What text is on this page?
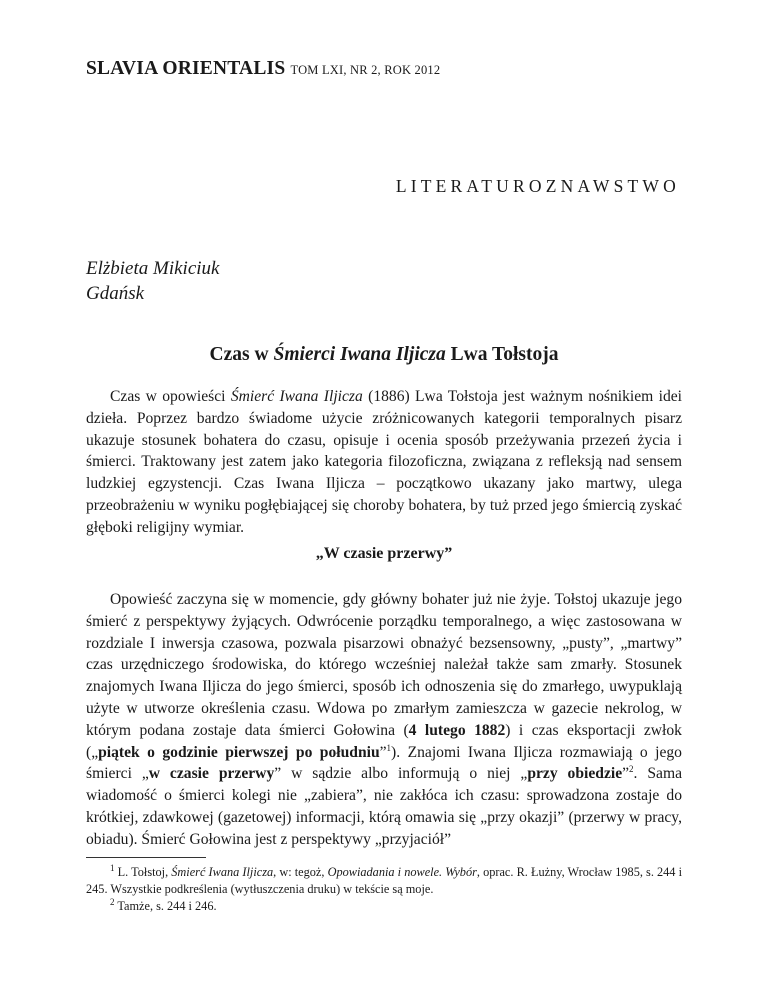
SLAVIA ORIENTALIS TOM LXI, NR 2, ROK 2012
LITERATUROZNAWSTWO
Elżbieta Mikiciuk
Gdańsk
Czas w Śmierci Iwana Iljicza Lwa Tołstoja
Czas w opowieści Śmierć Iwana Iljicza (1886) Lwa Tołstoja jest ważnym nośnikiem idei dzieła. Poprzez bardzo świadome użycie zróżnicowanych kategorii temporalnych pisarz ukazuje stosunek bohatera do czasu, opisuje i ocenia sposób przeżywania przezeń życia i śmierci. Traktowany jest zatem jako kategoria filozoficzna, związana z refleksją nad sensem ludzkiej egzystencji. Czas Iwana Iljicza – początkowo ukazany jako martwy, ulega przeobrażeniu w wyniku pogłębiającej się choroby bohatera, by tuż przed jego śmiercią zyskać głęboki religijny wymiar.
„W czasie przerwy”
Opowieść zaczyna się w momencie, gdy główny bohater już nie żyje. Tołstoj ukazuje jego śmierć z perspektywy żyjących. Odwrócenie porządku temporalnego, a więc zastosowana w rozdziale I inwersja czasowa, pozwala pisarzowi obnażyć bezsensowny, „pusty”, „martwy” czas urzędniczego środowiska, do którego wcześniej należał także sam zmarły. Stosunek znajomych Iwana Iljicza do jego śmierci, sposób ich odnoszenia się do zmarłego, uwypuklają użyte w utworze określenia czasu. Wdowa po zmarłym zamieszcza w gazecie nekrolog, w którym podana zostaje data śmierci Gołowina (4 lutego 1882) i czas eksportacji zwłok („piątek o godzinie pierwszej po południu”$^1$). Znajomi Iwana Iljicza rozmawiają o jego śmierci „w czasie przerwy” w sądzie albo informują o niej „przy obiedzie”$^2$. Sama wiadomość o śmierci kolegi nie „zabiera”, nie zakłóca ich czasu: sprowadzona zostaje do krótkiej, zdawkowej (gazetowej) informacji, którą omawia się „przy okazji” (przerwy w pracy, obiadu). Śmierć Gołowina jest z perspektywy „przyjaciół”

$^1$ L. Tołstoj, Śmierć Iwana Iljicza, w: tegoż, Opowiadania i nowele. Wybór, oprac. R. Łużny, Wrocław 1985, s. 244 i 245. Wszystkie podkreślenia (wytłuszczenia druku) w tekście są moje.

$^2$ Tamże, s. 244 i 246.
